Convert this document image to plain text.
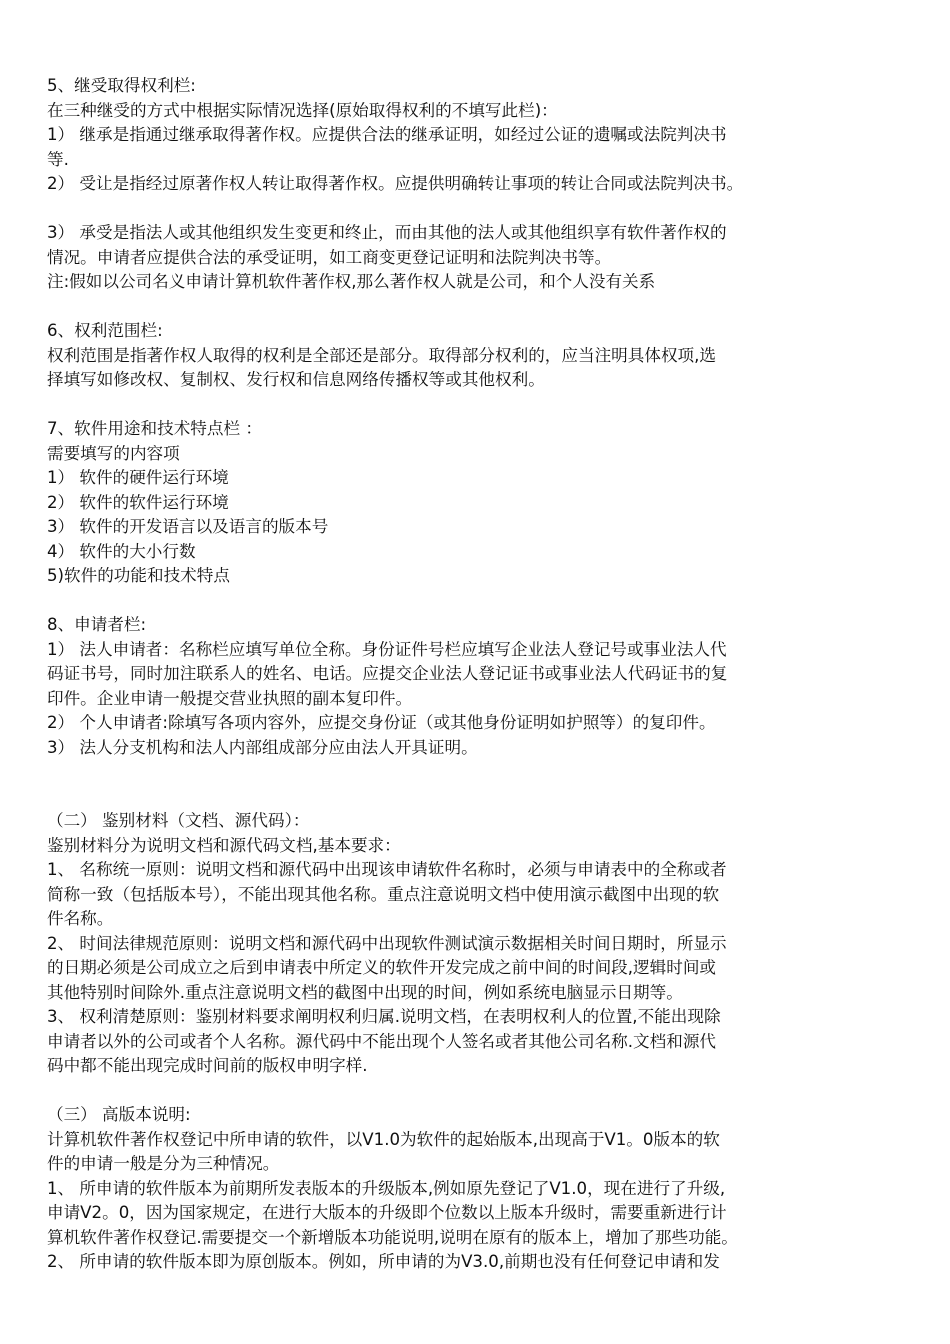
5、继受取得权利栏:
在三种继受的方式中根据实际情况选择(原始取得权利的不填写此栏)：
1） 继承是指通过继承取得著作权。应提供合法的继承证明，如经过公证的遗嘱或法院判决书
等.
2） 受让是指经过原著作权人转让取得著作权。应提供明确转让事项的转让合同或法院判决书。
3） 承受是指法人或其他组织发生变更和终止，而由其他的法人或其他组织享有软件著作权的
情况。申请者应提供合法的承受证明，如工商变更登记证明和法院判决书等。
注:假如以公司名义申请计算机软件著作权,那么著作权人就是公司，和个人没有关系
6、权利范围栏:
权利范围是指著作权人取得的权利是全部还是部分。取得部分权利的，应当注明具体权项,选
择填写如修改权、复制权、发行权和信息网络传播权等或其他权利。
7、软件用途和技术特点栏 ：
需要填写的内容项
1） 软件的硬件运行环境
2） 软件的软件运行环境
3） 软件的开发语言以及语言的版本号
4） 软件的大小行数
5)软件的功能和技术特点
8、申请者栏:
1） 法人申请者：名称栏应填写单位全称。身份证件号栏应填写企业法人登记号或事业法人代
码证书号，同时加注联系人的姓名、电话。应提交企业法人登记证书或事业法人代码证书的复
印件。企业申请一般提交营业执照的副本复印件。
2） 个人申请者:除填写各项内容外，应提交身份证（或其他身份证明如护照等）的复印件。
3） 法人分支机构和法人内部组成部分应由法人开具证明。
（二） 鉴别材料（文档、源代码）：
鉴别材料分为说明文档和源代码文档,基本要求：
1、 名称统一原则：说明文档和源代码中出现该申请软件名称时，必须与申请表中的全称或者
简称一致（包括版本号），不能出现其他名称。重点注意说明文档中使用演示截图中出现的软
件名称。
2、 时间法律规范原则：说明文档和源代码中出现软件测试演示数据相关时间日期时，所显示
的日期必须是公司成立之后到申请表中所定义的软件开发完成之前中间的时间段,逻辑时间或
其他特别时间除外.重点注意说明文档的截图中出现的时间，例如系统电脑显示日期等。
3、 权利清楚原则：鉴别材料要求阐明权利归属.说明文档，在表明权利人的位置,不能出现除
申请者以外的公司或者个人名称。源代码中不能出现个人签名或者其他公司名称.文档和源代
码中都不能出现完成时间前的版权申明字样.
（三） 高版本说明:
计算机软件著作权登记中所申请的软件，以V1.0为软件的起始版本,出现高于V1。0版本的软
件的申请一般是分为三种情况。
1、 所申请的软件版本为前期所发表版本的升级版本,例如原先登记了V1.0，现在进行了升级,
申请V2。0，因为国家规定，在进行大版本的升级即个位数以上版本升级时，需要重新进行计
算机软件著作权登记.需要提交一个新增版本功能说明,说明在原有的版本上，增加了那些功能。
2、 所申请的软件版本即为原创版本。例如，所申请的为V3.0,前期也没有任何登记申请和发
